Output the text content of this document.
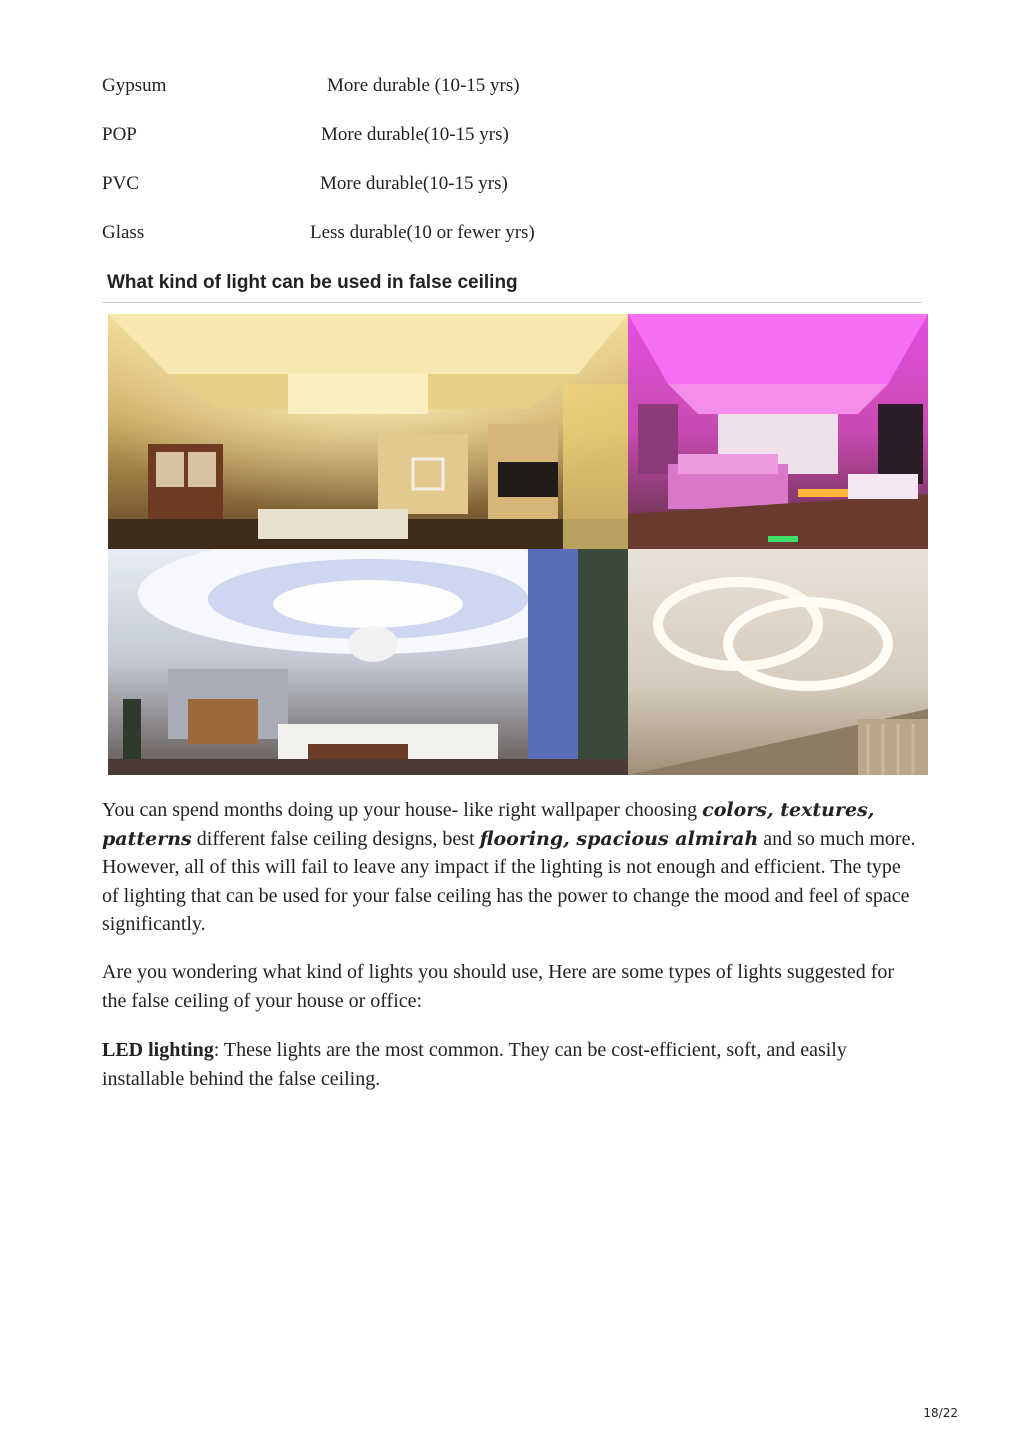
Gypsum	More durable (10-15 yrs)
POP	More durable(10-15 yrs)
PVC	More durable(10-15 yrs)
Glass	Less durable(10 or fewer yrs)
What kind of light can be used in false ceiling
You can spend months doing up your house- like right wallpaper choosing colors, textures, patterns different false ceiling designs, best flooring, spacious almirah and so much more. However, all of this will fail to leave any impact if the lighting is not enough and efficient. The type of lighting that can be used for your false ceiling has the power to change the mood and feel of space significantly.
Are you wondering what kind of lights you should use, Here are some types of lights suggested for the false ceiling of your house or office:
LED lighting: These lights are the most common. They can be cost-efficient, soft, and easily installable behind the false ceiling.
18/22
